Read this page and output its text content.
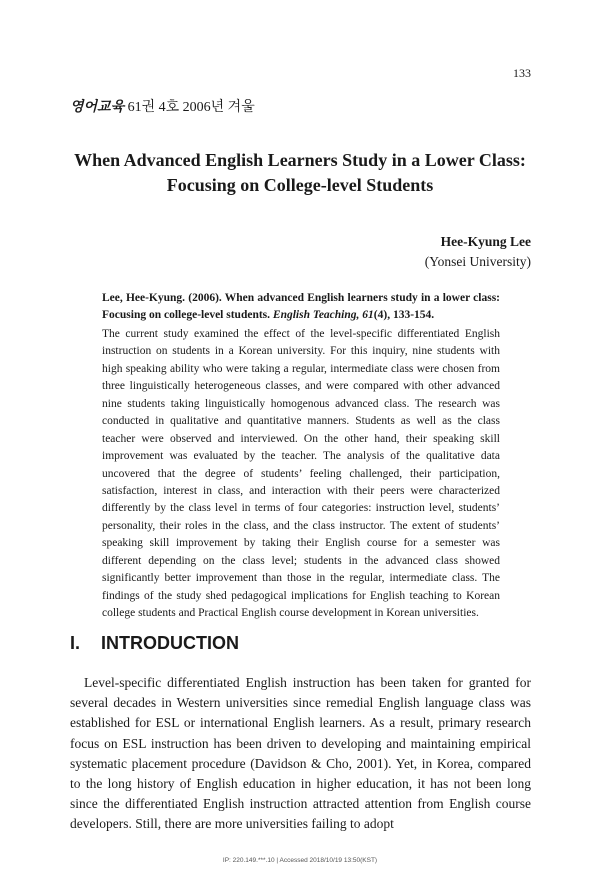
133
영어교육 61권 4호 2006년 겨울
When Advanced English Learners Study in a Lower Class:
Focusing on College-level Students
Hee-Kyung Lee
(Yonsei University)
Lee, Hee-Kyung. (2006). When advanced English learners study in a lower class: Focusing on college-level students. English Teaching, 61(4), 133-154.
The current study examined the effect of the level-specific differentiated English instruction on students in a Korean university. For this inquiry, nine students with high speaking ability who were taking a regular, intermediate class were chosen from three linguistically heterogeneous classes, and were compared with other advanced nine students taking linguistically homogenous advanced class. The research was conducted in qualitative and quantitative manners. Students as well as the class teacher were observed and interviewed. On the other hand, their speaking skill improvement was evaluated by the teacher. The analysis of the qualitative data uncovered that the degree of students’ feeling challenged, their participation, satisfaction, interest in class, and interaction with their peers were characterized differently by the class level in terms of four categories: instruction level, students’ personality, their roles in the class, and the class instructor. The extent of students’ speaking skill improvement by taking their English course for a semester was different depending on the class level; students in the advanced class showed significantly better improvement than those in the regular, intermediate class. The findings of the study shed pedagogical implications for English teaching to Korean college students and Practical English course development in Korean universities.
I. INTRODUCTION
Level-specific differentiated English instruction has been taken for granted for several decades in Western universities since remedial English language class was established for ESL or international English learners. As a result, primary research focus on ESL instruction has been driven to developing and maintaining empirical systematic placement procedure (Davidson & Cho, 2001). Yet, in Korea, compared to the long history of English education in higher education, it has not been long since the differentiated English instruction attracted attention from English course developers. Still, there are more universities failing to adopt
IP: 220.149.***.10 | Accessed 2018/10/19 13:50(KST)
